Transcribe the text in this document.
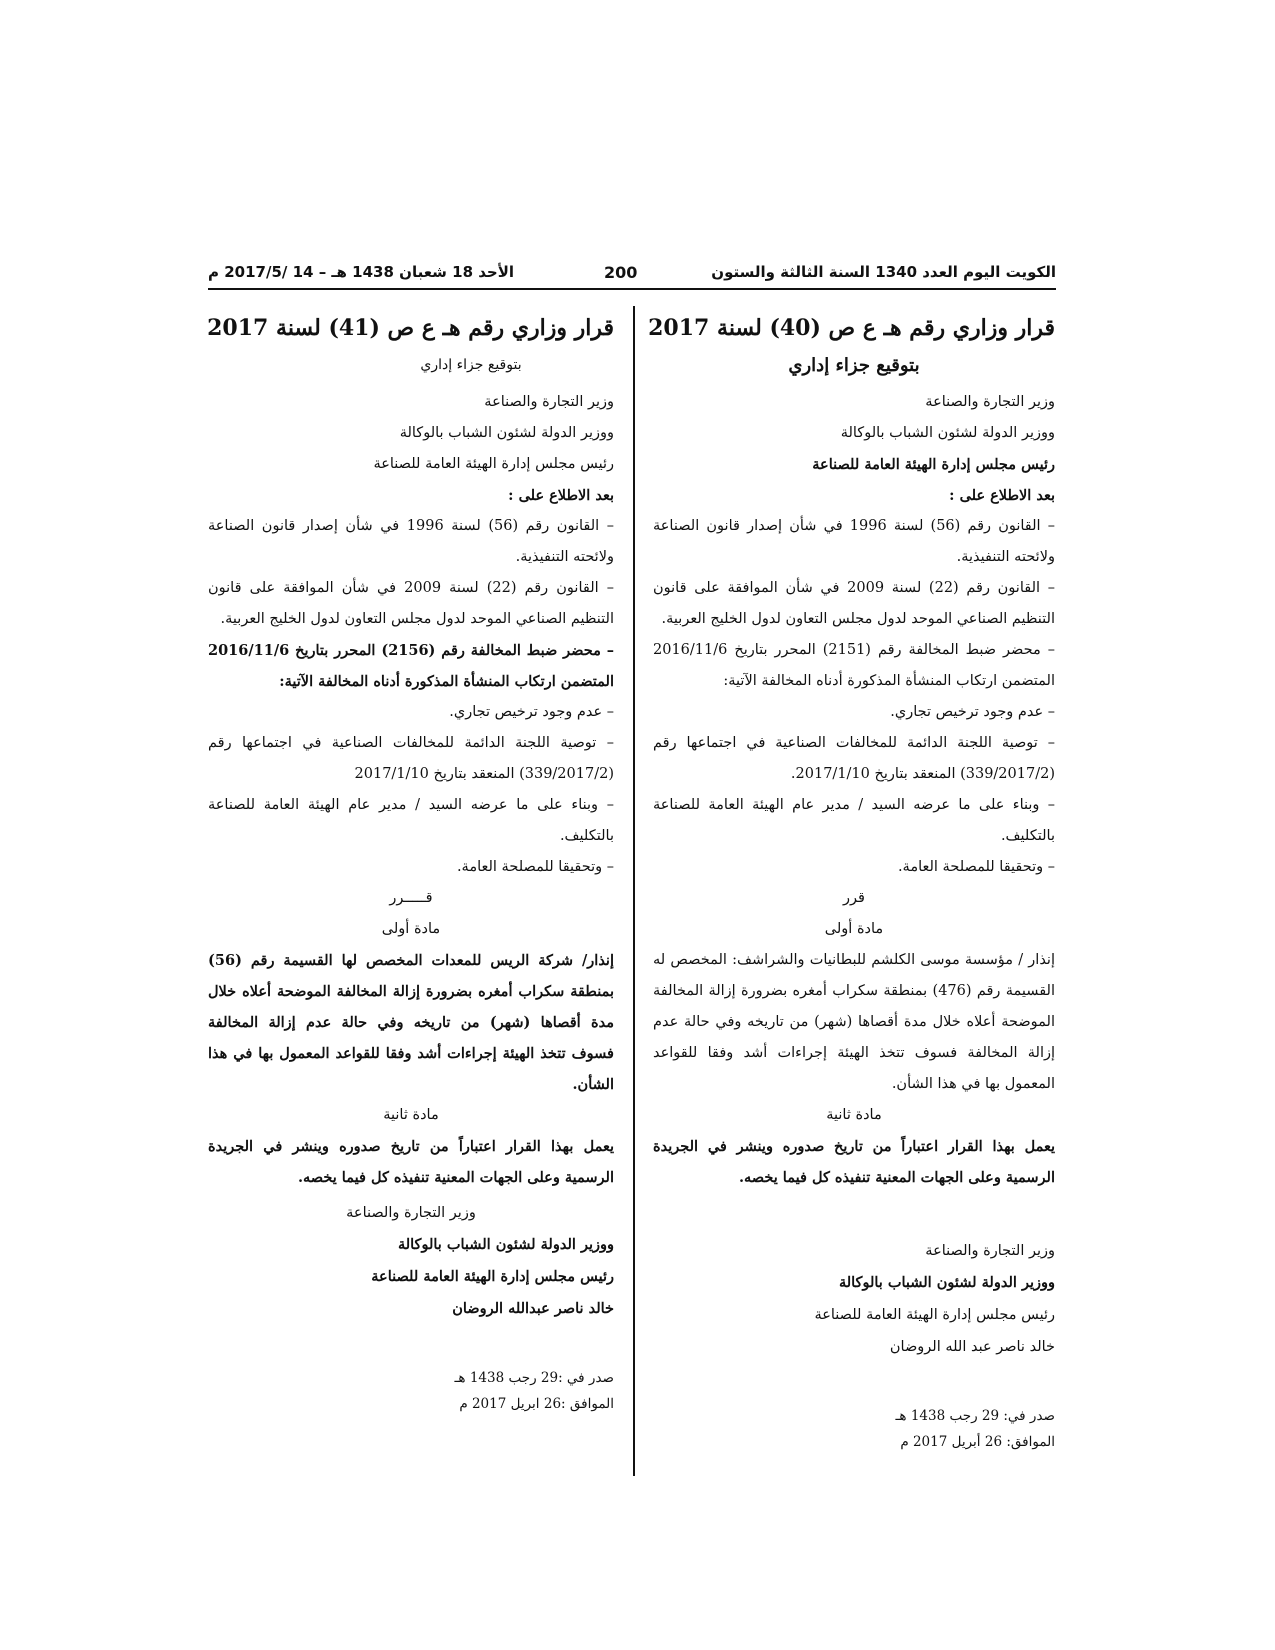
الكويت اليوم العدد 1340 السنة الثالثة والستون
200
الأحد 18 شعبان 1438 هـ – 14 /2017/5 م
قرار وزاري رقم هـ ع ص (40) لسنة 2017
بتوقيع جزاء إداري

وزير التجارة والصناعة

ووزير الدولة لشئون الشباب بالوكالة

رئيس مجلس إدارة الهيئة العامة للصناعة

بعد الاطلاع على :

– القانون رقم (56) لسنة 1996 في شأن إصدار قانون الصناعة ولائحته التنفيذية.

– القانون رقم (22) لسنة 2009 في شأن الموافقة على قانون التنظيم الصناعي الموحد لدول مجلس التعاون لدول الخليج العربية.

– محضر ضبط المخالفة رقم (2151) المحرر بتاريخ 2016/11/6 المتضمن ارتكاب المنشأة المذكورة أدناه المخالفة الآتية:

– عدم وجود ترخيص تجاري.

– توصية اللجنة الدائمة للمخالفات الصناعية في اجتماعها رقم (339/2017/2) المنعقد بتاريخ 2017/1/10.

– وبناء على ما عرضه السيد / مدير عام الهيئة العامة للصناعة بالتكليف.

– وتحقيقا للمصلحة العامة.

قرر

مادة أولى

إنذار / مؤسسة موسى الكلشم للبطانيات والشراشف: المخصص له القسيمة رقم (476) بمنطقة سكراب أمغره بضرورة إزالة المخالفة الموضحة أعلاه خلال مدة أقصاها (شهر) من تاريخه وفي حالة عدم إزالة المخالفة فسوف تتخذ الهيئة إجراءات أشد وفقا للقواعد المعمول بها في هذا الشأن.

مادة ثانية

يعمل بهذا القرار اعتباراً من تاريخ صدوره وينشر في الجريدة الرسمية وعلى الجهات المعنية تنفيذه كل فيما يخصه.

وزير التجارة والصناعة

ووزير الدولة لشئون الشباب بالوكالة

رئيس مجلس إدارة الهيئة العامة للصناعة

خالد ناصر عبد الله الروضان

صدر في: 29 رجب 1438 هـ
الموافق: 26 أبريل 2017 م
قرار وزاري رقم هـ ع ص (41) لسنة 2017
بتوقيع جزاء إداري

وزير التجارة والصناعة

ووزير الدولة لشئون الشباب بالوكالة

رئيس مجلس إدارة الهيئة العامة للصناعة

بعد الاطلاع على :

– القانون رقم (56) لسنة 1996 في شأن إصدار قانون الصناعة ولائحته التنفيذية.

– القانون رقم (22) لسنة 2009 في شأن الموافقة على قانون التنظيم الصناعي الموحد لدول مجلس التعاون لدول الخليج العربية.

– محضر ضبط المخالفة رقم (2156) المحرر بتاريخ 2016/11/6 المتضمن ارتكاب المنشأة المذكورة أدناه المخالفة الآتية:

– عدم وجود ترخيص تجاري.

– توصية اللجنة الدائمة للمخالفات الصناعية في اجتماعها رقم (339/2017/2) المنعقد بتاريخ 2017/1/10

– وبناء على ما عرضه السيد / مدير عام الهيئة العامة للصناعة بالتكليف.

– وتحقيقا للمصلحة العامة.

قـــــرر

مادة أولى

إنذار/ شركة الريس للمعدات المخصص لها القسيمة رقم (56) بمنطقة سكراب أمغره بضرورة إزالة المخالفة الموضحة أعلاه خلال مدة أقصاها (شهر) من تاريخه وفي حالة عدم إزالة المخالفة فسوف تتخذ الهيئة إجراءات أشد وفقا للقواعد المعمول بها في هذا الشأن.

مادة ثانية

يعمل بهذا القرار اعتباراً من تاريخ صدوره وينشر في الجريدة الرسمية وعلى الجهات المعنية تنفيذه كل فيما يخصه.

وزير التجارة والصناعة

ووزير الدولة لشئون الشباب بالوكالة

رئيس مجلس إدارة الهيئة العامة للصناعة

خالد ناصر عبدالله الروضان

صدر في :29 رجب 1438 هـ
الموافق :26 ابريل 2017 م
